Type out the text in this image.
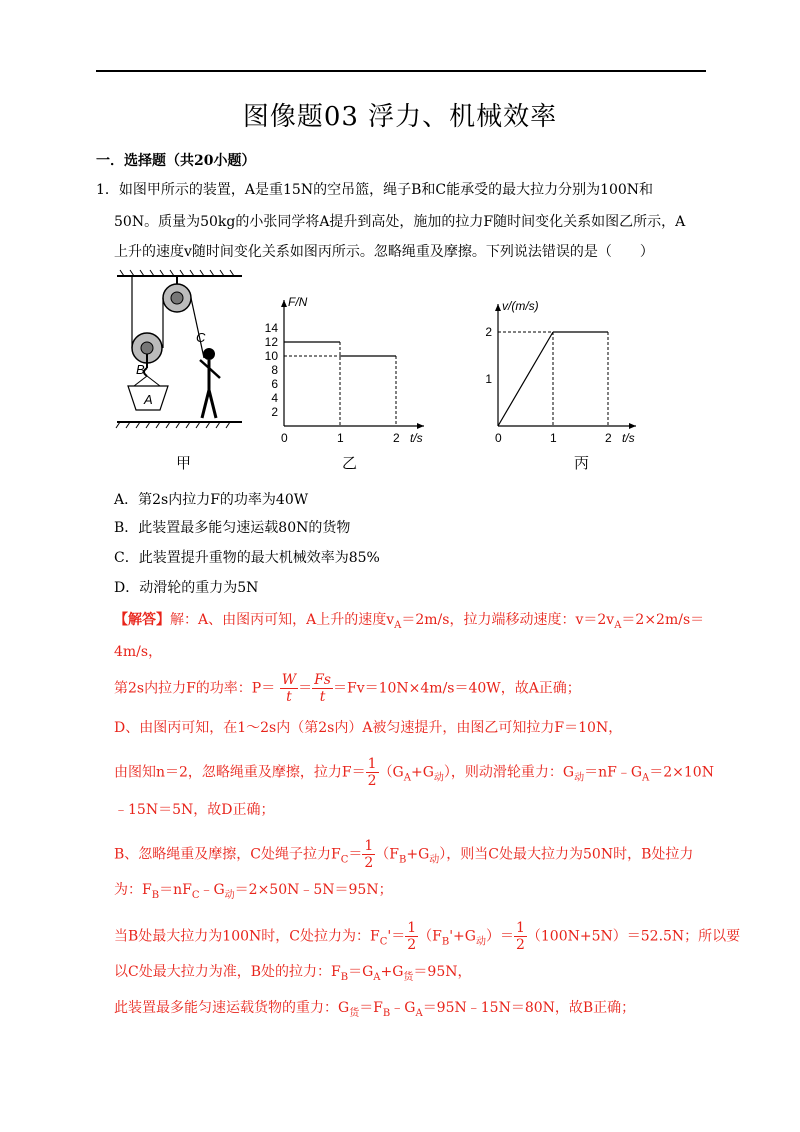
图像题03 浮力、机械效率
一．选择题（共20小题）
1．如图甲所示的装置，A是重15N的空吊篮，绳子B和C能承受的最大拉力分别为100N和
50N。质量为50kg的小张同学将A提升到高处，施加的拉力F随时间变化关系如图乙所示，A
上升的速度v随时间变化关系如图丙所示。忽略绳重及摩擦。下列说法错误的是（　　）
C
B
A
F/N
t/s
0	1	2
2
4
6
8
10
12
14
v/(m/s)
t/s
0	1	2
1
2
甲	乙	丙
A．第2s内拉力F的功率为40W
B．此装置最多能匀速运载80N的货物
C．此装置提升重物的最大机械效率为85%
D．动滑轮的重力为5N
【解答】解：A、由图丙可知，A上升的速度$v_A=2m/s$，拉力端移动速度：$v=2v_A=2\times 2m/s=$
4m/s，
第2s内拉力F的功率：$P= \frac{W}{t} = \frac{Fs}{t} =Fv=10N\times 4m/s=40W$，故A正确；
D、由图丙可知，在1～2s内（第2s内）A被匀速提升，由图乙可知拉力F＝10N，
由图知n＝2，忽略绳重及摩擦，拉力$F= \frac{1}{2} (G_A+G_动)$，则动滑轮重力：$G_动=nF﹣G_A=2\times 10N$
﹣15N＝5N，故D正确；
B、忽略绳重及摩擦，C处绳子拉力$F_C= \frac{1}{2} (F_B+G_动)$，则当C处最大拉力为50N时，B处拉力
为：$F_B=nF_C﹣G_动=2\times 50N﹣5N=95N$；
当B处最大拉力为100N时，C处拉力为：$F_C'= \frac{1}{2} (F_B'+G_动)= \frac{1}{2} (100N+5N)=52.5N$；所以要
以C处最大拉力为准，B处的拉力：$F_B=G_A+G_货=95N$，
此装置最多能匀速运载货物的重力：$G_货=F_B﹣G_A=95N﹣15N=80N$，故B正确；
